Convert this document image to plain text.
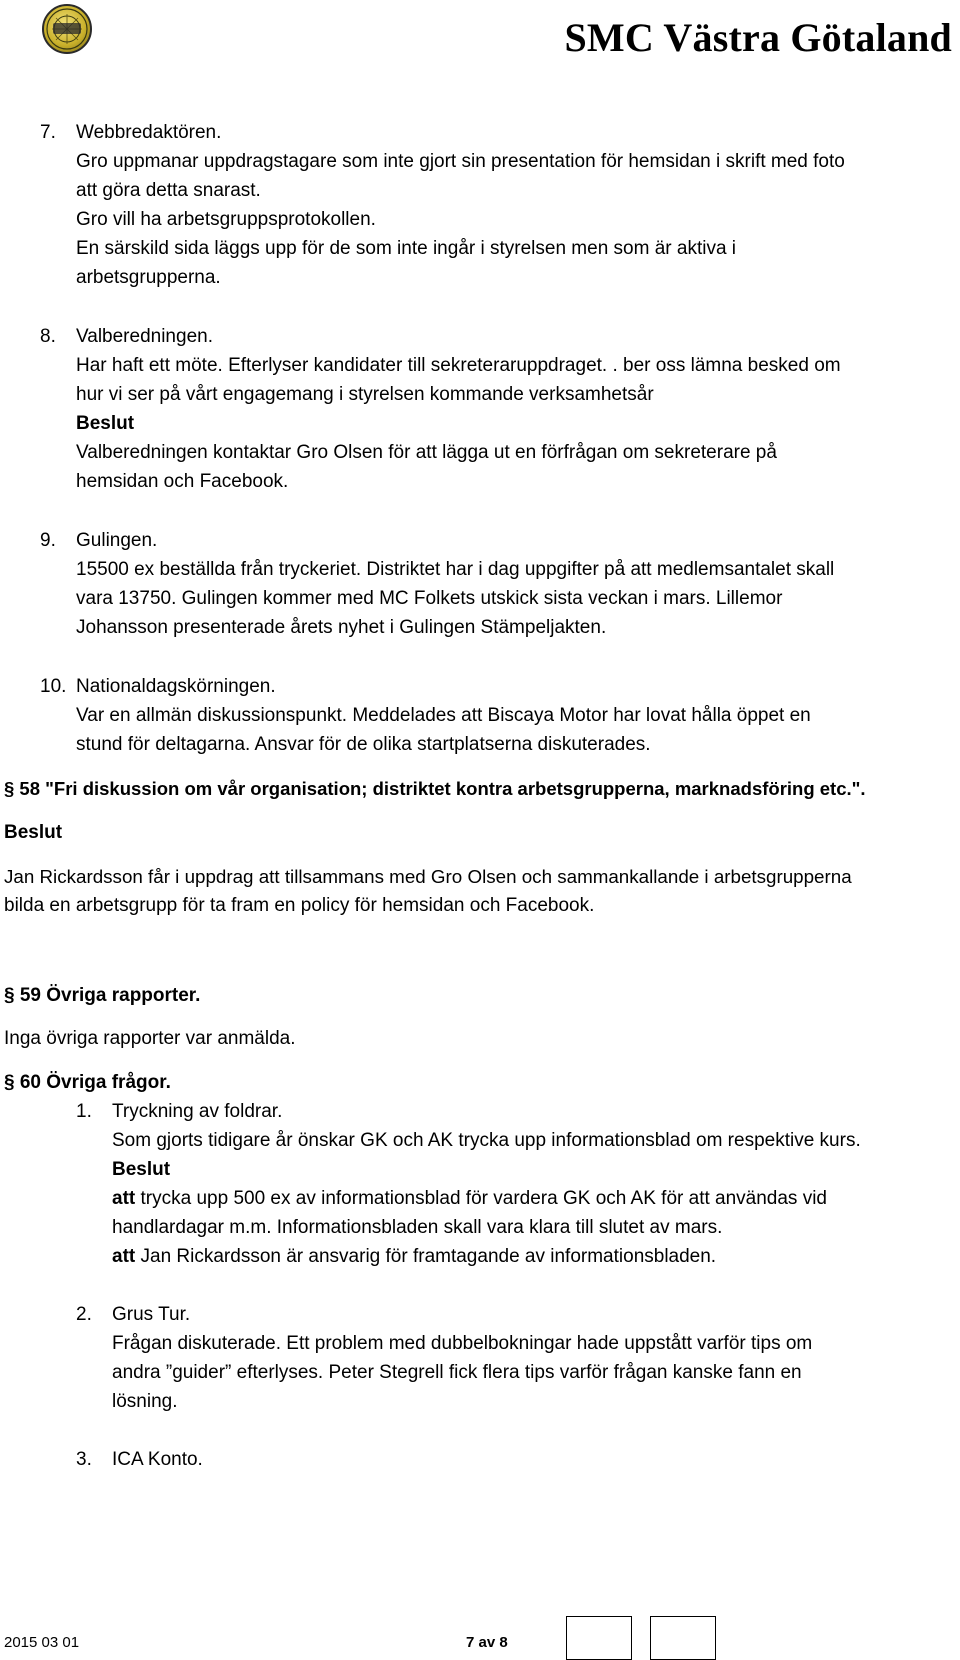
SMC Västra Götaland
7. Webbredaktören.
Gro uppmanar uppdragstagare som inte gjort sin presentation för hemsidan i skrift med foto
att göra detta snarast.
Gro vill ha arbetsgruppsprotokollen.
En särskild sida läggs upp för de som inte ingår i styrelsen men som är aktiva i
arbetsgrupperna.
8. Valberedningen.
Har haft ett möte. Efterlyser kandidater till sekreteraruppdraget. . ber oss lämna besked om
hur vi ser på vårt engagemang i styrelsen kommande verksamhetsår
Beslut
Valberedningen kontaktar Gro Olsen för att lägga ut en förfrågan om sekreterare på
hemsidan och Facebook.
9. Gulingen.
15500 ex beställda från tryckeriet. Distriktet har i dag uppgifter på att medlemsantalet skall
vara 13750. Gulingen kommer med MC Folkets utskick sista veckan i mars. Lillemor
Johansson presenterade årets nyhet i Gulingen Stämpeljakten.
10. Nationaldagskörningen.
Var en allmän diskussionspunkt. Meddelades att Biscaya Motor har lovat hålla öppet en
stund för deltagarna. Ansvar för de olika startplatserna diskuterades.
§ 58 "Fri diskussion om vår organisation; distriktet kontra arbetsgrupperna, marknadsföring etc.".
Beslut
Jan Rickardsson får i uppdrag att tillsammans med Gro Olsen och sammankallande i arbetsgrupperna
bilda en arbetsgrupp för ta fram en policy för hemsidan och Facebook.
§ 59 Övriga rapporter.
Inga övriga rapporter var anmälda.
§ 60 Övriga frågor.
1. Tryckning av foldrar.
Som gjorts tidigare år önskar GK och AK trycka upp informationsblad om respektive kurs.
Beslut
att trycka upp 500 ex av informationsblad för vardera GK och AK för att användas vid
handlardagar m.m. Informationsbladen skall vara klara till slutet av mars.
att Jan Rickardsson är ansvarig för framtagande av informationsbladen.
2. Grus Tur.
Frågan diskuterade. Ett problem med dubbelbokningar hade uppstått varför tips om
andra ”guider” efterlyses. Peter Stegrell fick flera tips varför frågan kanske fann en
lösning.
3. ICA Konto.
2015 03 01	7 av 8
